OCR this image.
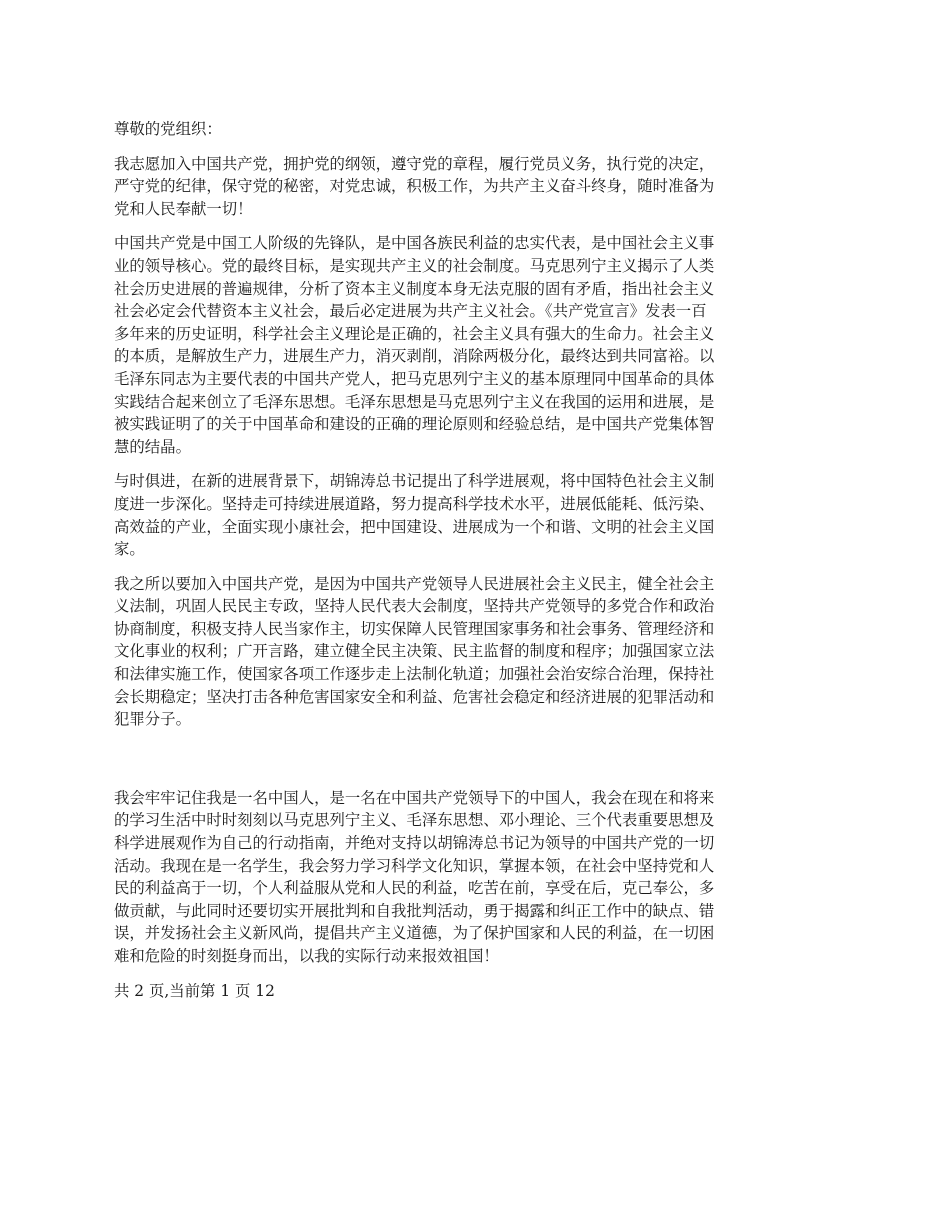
尊敬的党组织：

我志愿加入中国共产党，拥护党的纲领，遵守党的章程，履行党员义务，执行党的决定，

严守党的纪律，保守党的秘密，对党忠诚，积极工作，为共产主义奋斗终身，随时准备为

党和人民奉献一切！

中国共产党是中国工人阶级的先锋队，是中国各族民利益的忠实代表，是中国社会主义事

业的领导核心。党的最终目标，是实现共产主义的社会制度。马克思列宁主义揭示了人类

社会历史进展的普遍规律，分析了资本主义制度本身无法克服的固有矛盾，指出社会主义

社会必定会代替资本主义社会，最后必定进展为共产主义社会。《共产党宣言》发表一百

多年来的历史证明，科学社会主义理论是正确的，社会主义具有强大的生命力。社会主义

的本质，是解放生产力，进展生产力，消灭剥削，消除两极分化，最终达到共同富裕。以

毛泽东同志为主要代表的中国共产党人，把马克思列宁主义的基本原理同中国革命的具体

实践结合起来创立了毛泽东思想。毛泽东思想是马克思列宁主义在我国的运用和进展，是

被实践证明了的关于中国革命和建设的正确的理论原则和经验总结，是中国共产党集体智

慧的结晶。

与时俱进，在新的进展背景下，胡锦涛总书记提出了科学进展观，将中国特色社会主义制

度进一步深化。坚持走可持续进展道路，努力提高科学技术水平，进展低能耗、低污染、

高效益的产业，全面实现小康社会，把中国建设、进展成为一个和谐、文明的社会主义国

家。

我之所以要加入中国共产党，是因为中国共产党领导人民进展社会主义民主，健全社会主

义法制，巩固人民民主专政，坚持人民代表大会制度，坚持共产党领导的多党合作和政治

协商制度，积极支持人民当家作主，切实保障人民管理国家事务和社会事务、管理经济和

文化事业的权利；广开言路，建立健全民主决策、民主监督的制度和程序；加强国家立法

和法律实施工作，使国家各项工作逐步走上法制化轨道；加强社会治安综合治理，保持社

会长期稳定；坚决打击各种危害国家安全和利益、危害社会稳定和经济进展的犯罪活动和

犯罪分子。

我会牢牢记住我是一名中国人，是一名在中国共产党领导下的中国人，我会在现在和将来

的学习生活中时时刻刻以马克思列宁主义、毛泽东思想、邓小理论、三个代表重要思想及

科学进展观作为自己的行动指南，并绝对支持以胡锦涛总书记为领导的中国共产党的一切

活动。我现在是一名学生，我会努力学习科学文化知识，掌握本领，在社会中坚持党和人

民的利益高于一切，个人利益服从党和人民的利益，吃苦在前，享受在后，克己奉公，多

做贡献，与此同时还要切实开展批判和自我批判活动，勇于揭露和纠正工作中的缺点、错

误，并发扬社会主义新风尚，提倡共产主义道德，为了保护国家和人民的利益，在一切困

难和危险的时刻挺身而出，以我的实际行动来报效祖国！

共 2 页,当前第 1 页 12
